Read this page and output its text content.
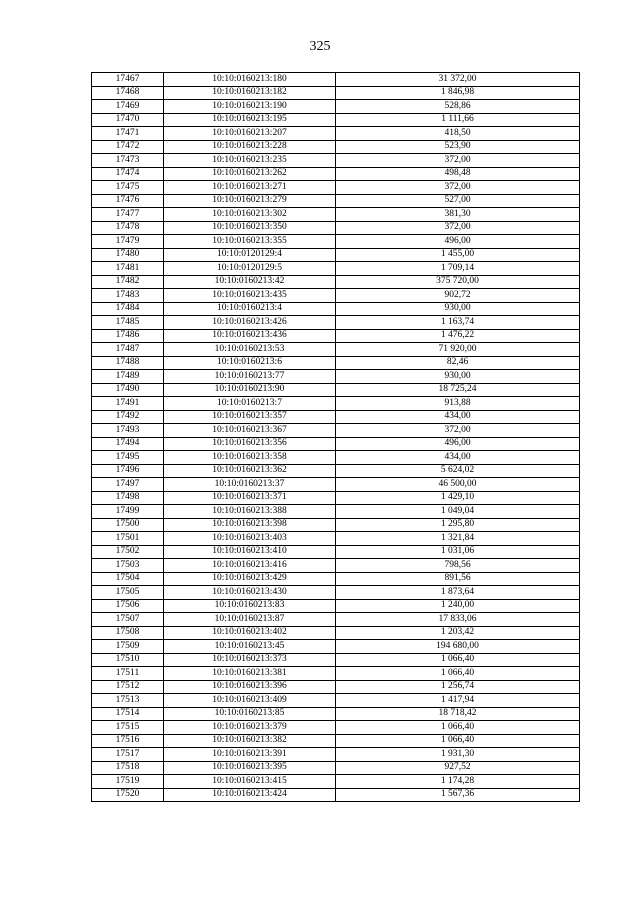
325
17467	10:10:0160213:180	31 372,00
17468	10:10:0160213:182	1 846,98
17469	10:10:0160213:190	528,86
17470	10:10:0160213:195	1 111,66
17471	10:10:0160213:207	418,50
17472	10:10:0160213:228	523,90
17473	10:10:0160213:235	372,00
17474	10:10:0160213:262	498,48
17475	10:10:0160213:271	372,00
17476	10:10:0160213:279	527,00
17477	10:10:0160213:302	381,30
17478	10:10:0160213:350	372,00
17479	10:10:0160213:355	496,00
17480	10:10:0120129:4	1 455,00
17481	10:10:0120129:5	1 709,14
17482	10:10:0160213:42	375 720,00
17483	10:10:0160213:435	902,72
17484	10:10:0160213:4	930,00
17485	10:10:0160213:426	1 163,74
17486	10:10:0160213:436	1 476,22
17487	10:10:0160213:53	71 920,00
17488	10:10:0160213:6	82,46
17489	10:10:0160213:77	930,00
17490	10:10:0160213:90	18 725,24
17491	10:10:0160213:7	913,88
17492	10:10:0160213:357	434,00
17493	10:10:0160213:367	372,00
17494	10:10:0160213:356	496,00
17495	10:10:0160213:358	434,00
17496	10:10:0160213:362	5 624,02
17497	10:10:0160213:37	46 500,00
17498	10:10:0160213:371	1 429,10
17499	10:10:0160213:388	1 049,04
17500	10:10:0160213:398	1 295,80
17501	10:10:0160213:403	1 321,84
17502	10:10:0160213:410	1 031,06
17503	10:10:0160213:416	798,56
17504	10:10:0160213:429	891,56
17505	10:10:0160213:430	1 873,64
17506	10:10:0160213:83	1 240,00
17507	10:10:0160213:87	17 833,06
17508	10:10:0160213:402	1 203,42
17509	10:10:0160213:45	194 680,00
17510	10:10:0160213:373	1 066,40
17511	10:10:0160213:381	1 066,40
17512	10:10:0160213:396	1 256,74
17513	10:10:0160213:409	1 417,94
17514	10:10:0160213:85	18 718,42
17515	10:10:0160213:379	1 066,40
17516	10:10:0160213:382	1 066,40
17517	10:10:0160213:391	1 931,30
17518	10:10:0160213:395	927,52
17519	10:10:0160213:415	1 174,28
17520	10:10:0160213:424	1 567,36
